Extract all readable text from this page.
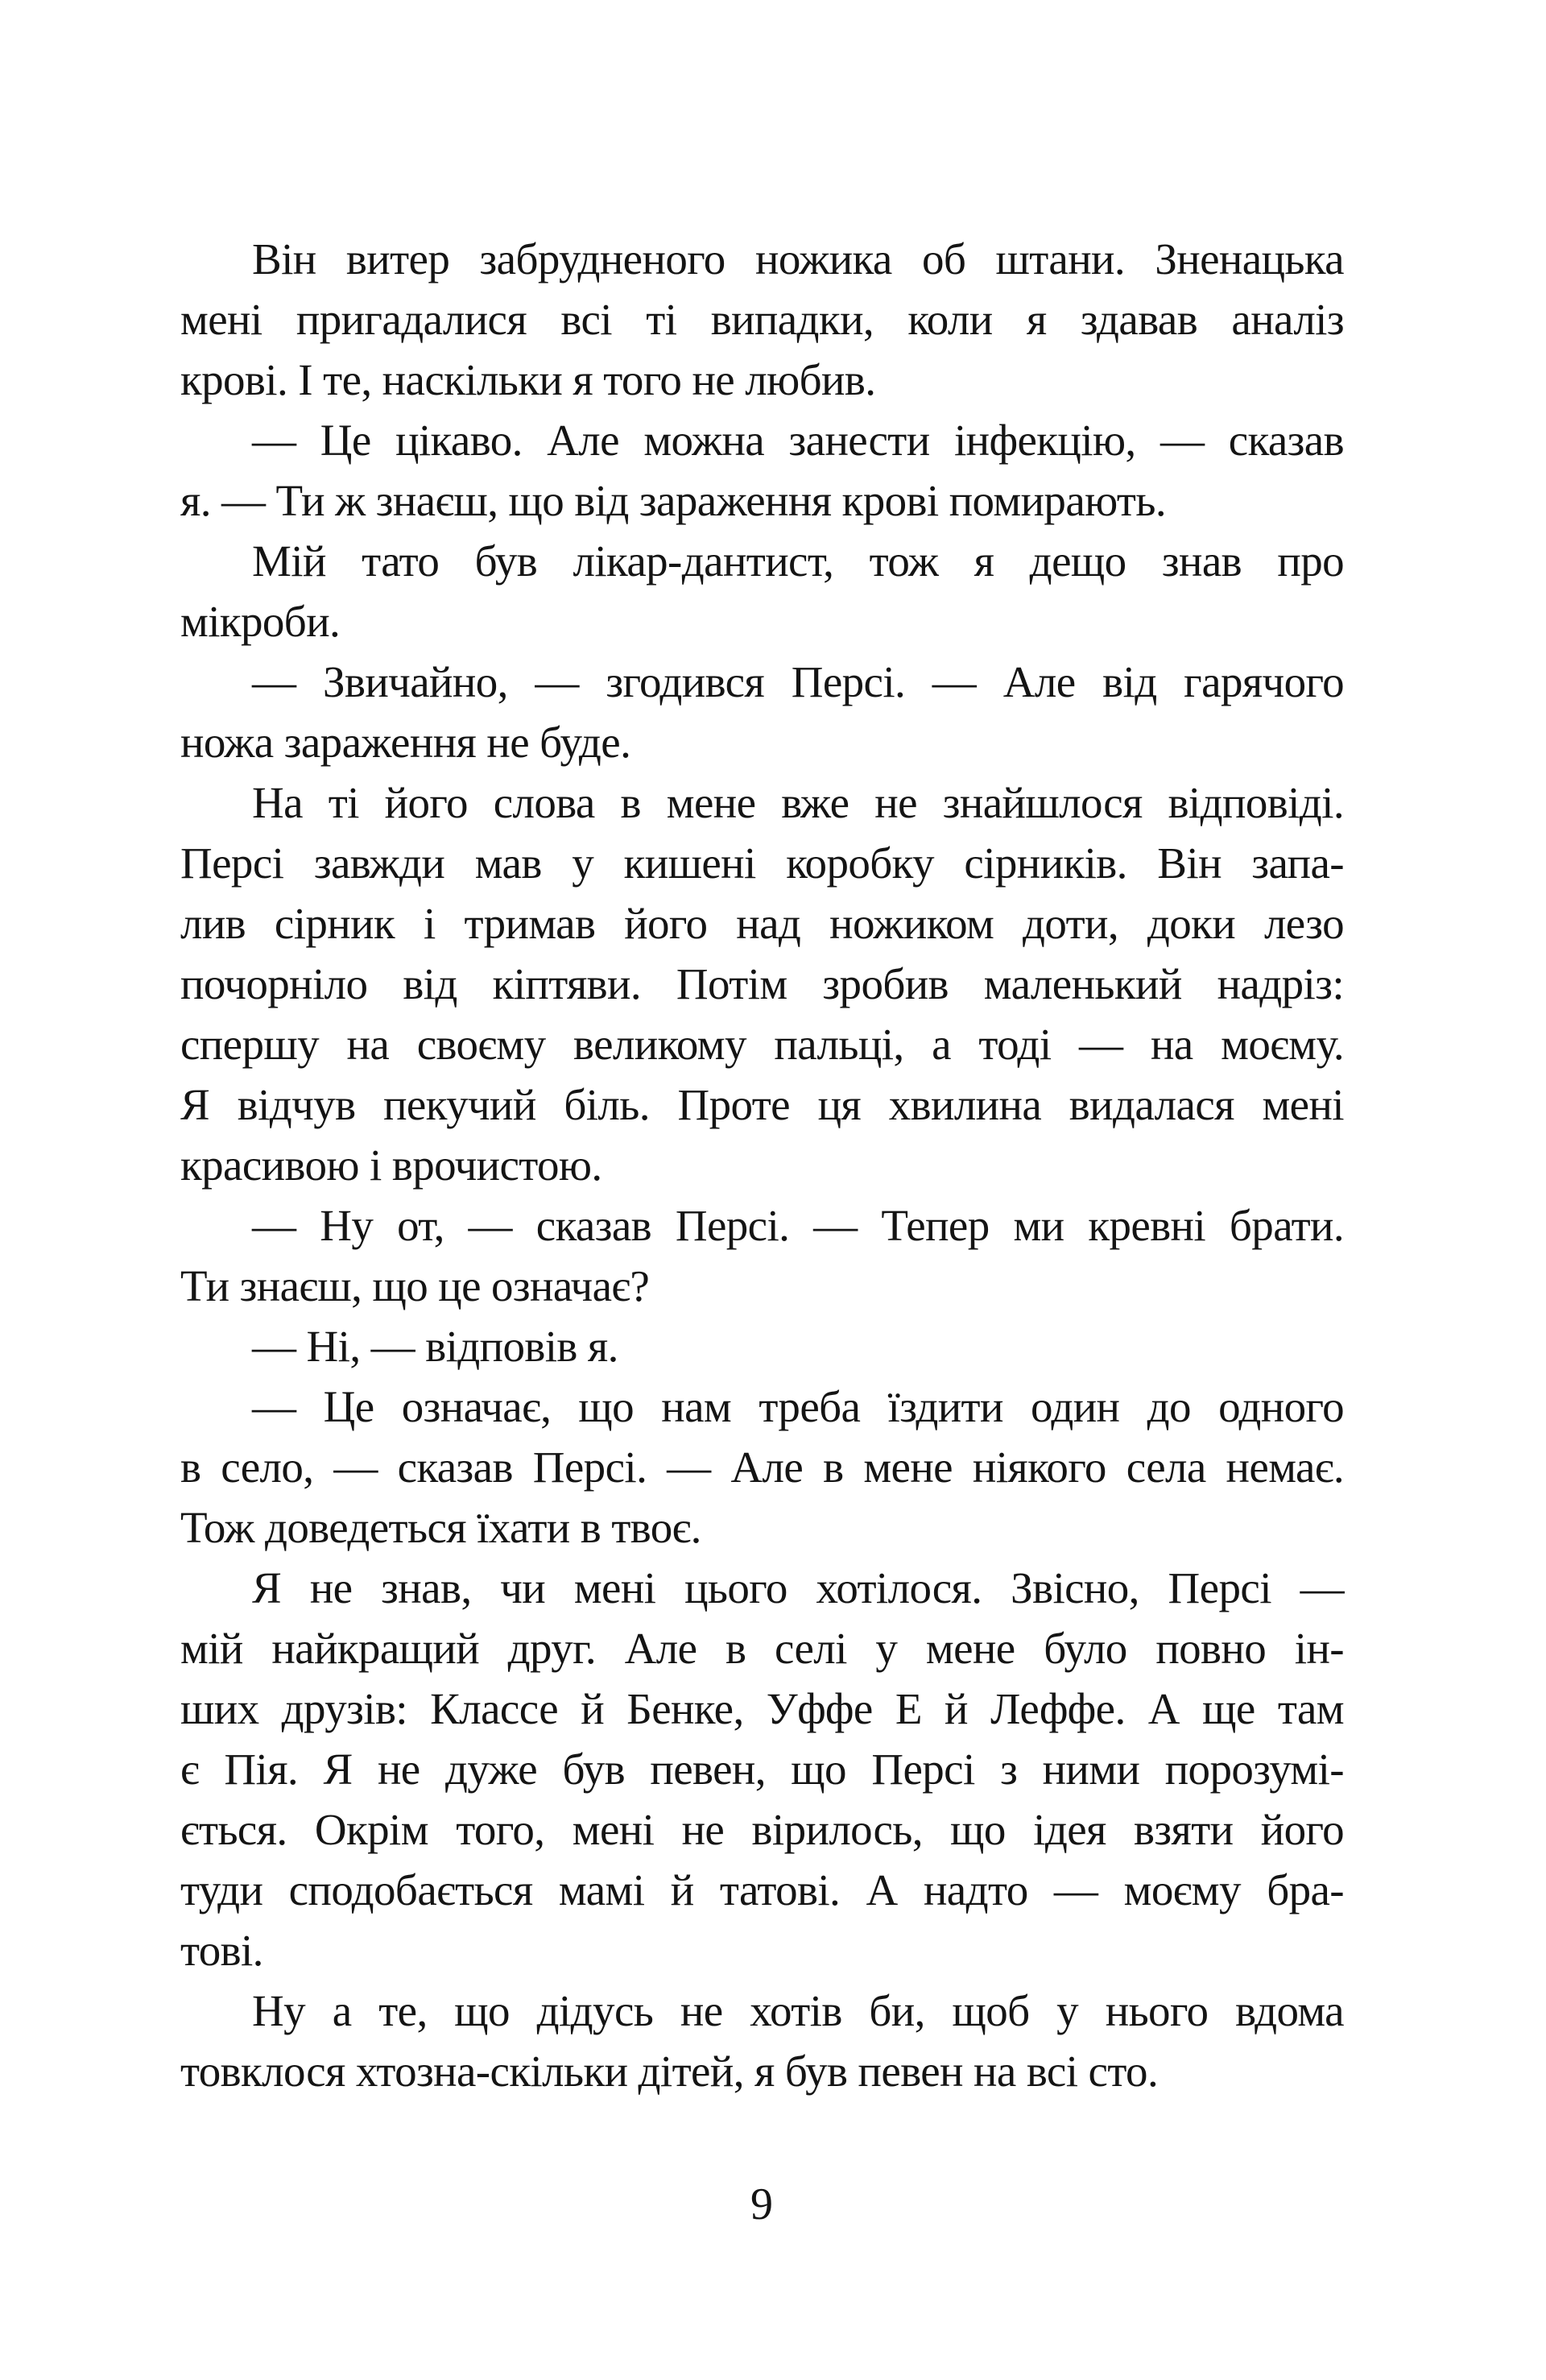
Він витер забрудненого ножика об штани. Зненацька
мені пригадалися всі ті випадки, коли я здавав аналіз
крові. І те, наскільки я того не любив.
— Це цікаво. Але можна занести інфекцію, — сказав
я. — Ти ж знаєш, що від зараження крові помирають.
Мій тато був лікар-дантист, тож я дещо знав про
мікроби.
— Звичайно, — згодився Персі. — Але від гарячого
ножа зараження не буде.
На ті його слова в мене вже не знайшлося відповіді.
Персі завжди мав у кишені коробку сірників. Він запа-
лив сірник і тримав його над ножиком доти, доки лезо
почорніло від кіптяви. Потім зробив маленький надріз:
спершу на своєму великому пальці, а тоді — на моєму.
Я відчув пекучий біль. Проте ця хвилина видалася мені
красивою і врочистою.
— Ну от, — сказав Персі. — Тепер ми кревні брати.
Ти знаєш, що це означає?
— Ні, — відповів я.
— Це означає, що нам треба їздити один до одного
в село, — сказав Персі. — Але в мене ніякого села немає.
Тож доведеться їхати в твоє.
Я не знав, чи мені цього хотілося. Звісно, Персі —
мій найкращий друг. Але в селі у мене було повно ін-
ших друзів: Классе й Бенке, Уффе Е й Леффе. А ще там
є Пія. Я не дуже був певен, що Персі з ними порозумі-
ється. Окрім того, мені не вірилось, що ідея взяти його
туди сподобається мамі й татові. А надто — моєму бра-
тові.
Ну а те, що дідусь не хотів би, щоб у нього вдома
товклося хтозна-скільки дітей, я був певен на всі сто.
9
